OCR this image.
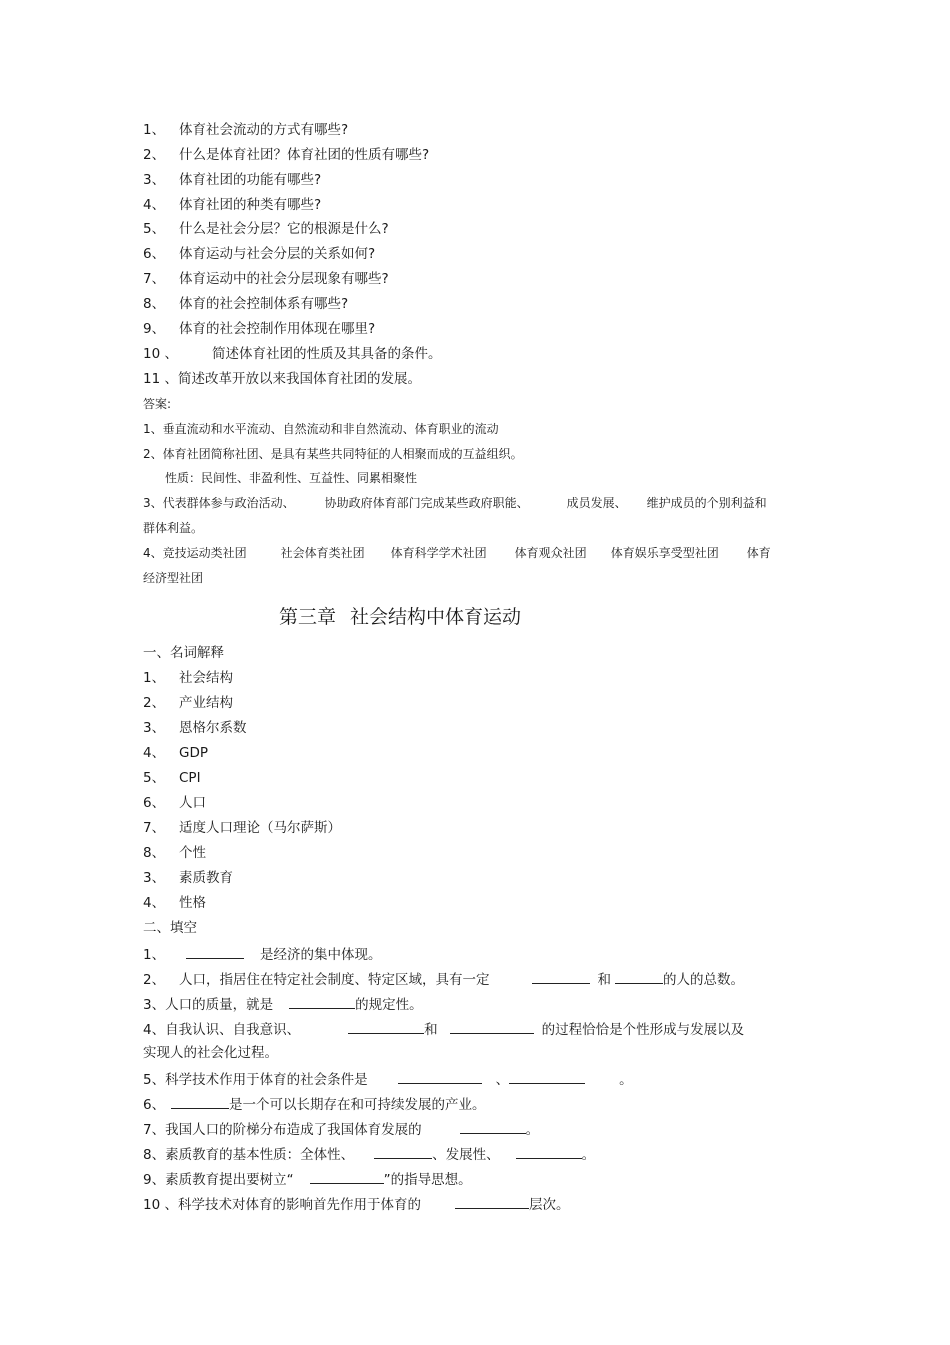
1、 体育社会流动的方式有哪些?
2、 什么是体育社团？体育社团的性质有哪些?
3、 体育社团的功能有哪些?
4、 体育社团的种类有哪些?
5、 什么是社会分层？它的根源是什么?
6、 体育运动与社会分层的关系如何?
7、 体育运动中的社会分层现象有哪些?
8、 体育的社会控制体系有哪些?
9、 体育的社会控制作用体现在哪里?
10 、	简述体育社团的性质及其具备的条件。
11 、简述改革开放以来我国体育社团的发展。
答案:
1、垂直流动和水平流动、自然流动和非自然流动、体育职业的流动
2、体育社团简称社团、是具有某些共同特征的人相聚而成的互益组织。
性质：民间性、非盈利性、互益性、同累相聚性
3、代表群体参与政治活动、	协助政府体育部门完成某些政府职能、	成员发展、 维护成员的个别利益和
群体利益。
4、竞技运动类社团	社会体育类社团 体育科学学术社团 体育观众社团 体育娱乐享受型社团 体育
经济型社团
第三章 社会结构中体育运动
一、名词解释
1、 社会结构
2、 产业结构
3、 恩格尔系数
4、 GDP
5、 CPI
6、 人口
7、 适度人口理论（马尔萨斯）
8、 个性
3、 素质教育
4、 性格
二、填空
1、	是经济的集中体现。
2、 人口，指居住在特定社会制度、特定区域，具有一定	和	的人的总数。
3、人口的质量，就是	的规定性。
4、自我认识、自我意识、	和	的过程恰恰是个性形成与发展以及
实现人的社会化过程。
5、科学技术作用于体育的社会条件是	、	。
6、	是一个可以长期存在和可持续发展的产业。
7、我国人口的阶梯分布造成了我国体育发展的	。
8、素质教育的基本性质：全体性、	、发展性、	。
9、素质教育提出要树立“	”的指导思想。
10 、科学技术对体育的影响首先作用于体育的	层次。
